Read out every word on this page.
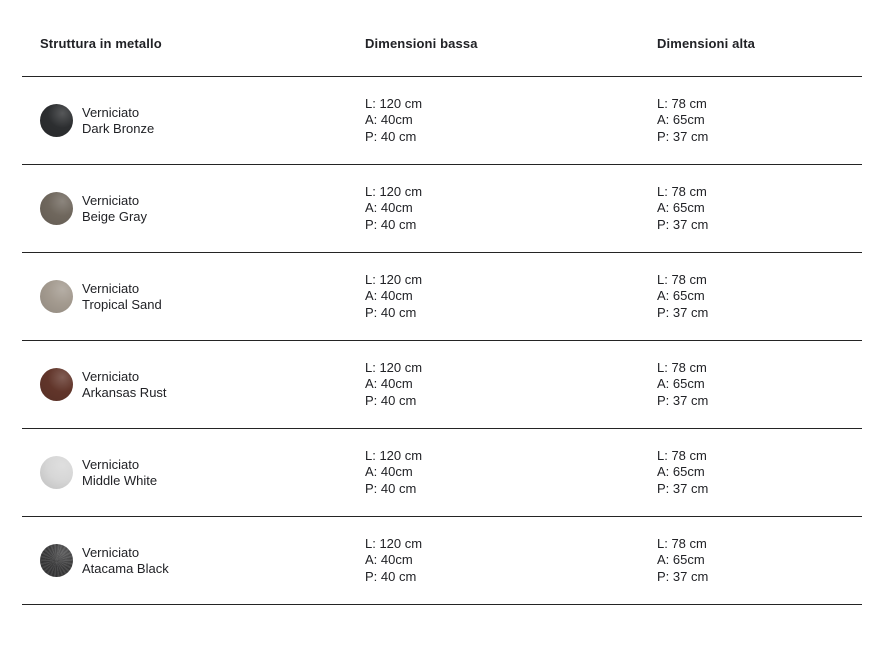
Struttura in metallo	Dimensioni bassa	Dimensioni alta
Verniciato
Dark Bronze
L: 120 cm
A: 40cm
P: 40 cm
L: 78 cm
A: 65cm
P: 37 cm
Verniciato
Beige Gray
L: 120 cm
A: 40cm
P: 40 cm
L: 78 cm
A: 65cm
P: 37 cm
Verniciato
Tropical Sand
L: 120 cm
A: 40cm
P: 40 cm
L: 78 cm
A: 65cm
P: 37 cm
Verniciato
Arkansas Rust
L: 120 cm
A: 40cm
P: 40 cm
L: 78 cm
A: 65cm
P: 37 cm
Verniciato
Middle White
L: 120 cm
A: 40cm
P: 40 cm
L: 78 cm
A: 65cm
P: 37 cm
Verniciato
Atacama Black
L: 120 cm
A: 40cm
P: 40 cm
L: 78 cm
A: 65cm
P: 37 cm
